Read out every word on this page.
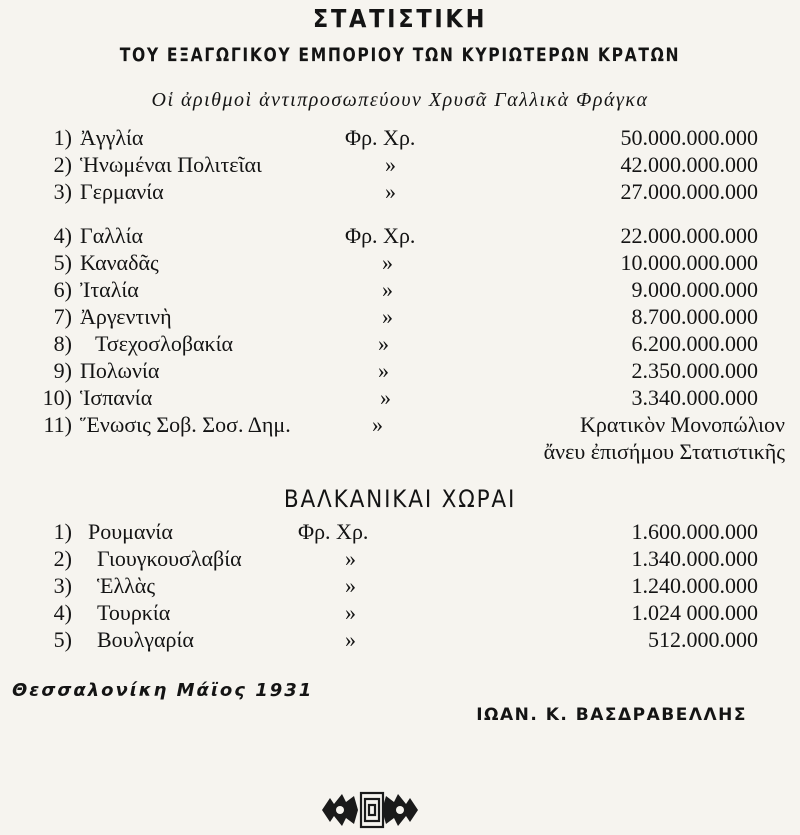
ΣΤΑΤΙΣΤΙΚΗ
ΤΟΥ ΕΞΑΓΩΓΙΚΟΥ ΕΜΠΟΡΙΟΥ ΤΩΝ ΚΥΡΙΩΤΕΡΩΝ ΚΡΑΤΩΝ
Οἱ ἀριθμοὶ ἀντιπροσωπεύουν Χρυσᾶ Γαλλικὰ Φράγκα
1) Ἀγγλία	Φρ. Χρ.	50.000.000.000
2) Ἡνωμέναι Πολιτεῖαι	»	42.000.000.000
3) Γερμανία	»	27.000.000.000
4) Γαλλία	Φρ. Χρ.	22.000.000.000
5) Καναδᾶς	»	10.000.000.000
6) Ἰταλία	»	9.000.000.000
7) Ἀργεντινὴ	»	8.700.000.000
8) Τσεχοσλοβακία	»	6.200.000.000
9) Πολωνία	»	2.350.000.000
10) Ἱσπανία	»	3.340.000.000
11) Ἕνωσις Σοβ. Σοσ. Δημ.	»	Κρατικὸν Μονοπώλιον
ἄνευ ἐπισήμου Στατιστικῆς
ΒΑΛΚΑΝΙΚΑΙ ΧΩΡΑΙ
1) Ρουμανία	Φρ. Χρ.	1.600.000.000
2) Γιουγκουσλαβία	»	1.340.000.000
3) Ἑλλὰς	»	1.240.000.000
4) Τουρκία	»	1.024 000.000
5) Βουλγαρία	»	512.000.000
Θεσσαλονίκη Μάϊος 1931
ΙΩΑΝ. Κ. ΒΑΣΔΡΑΒΕΛΛΗΣ
